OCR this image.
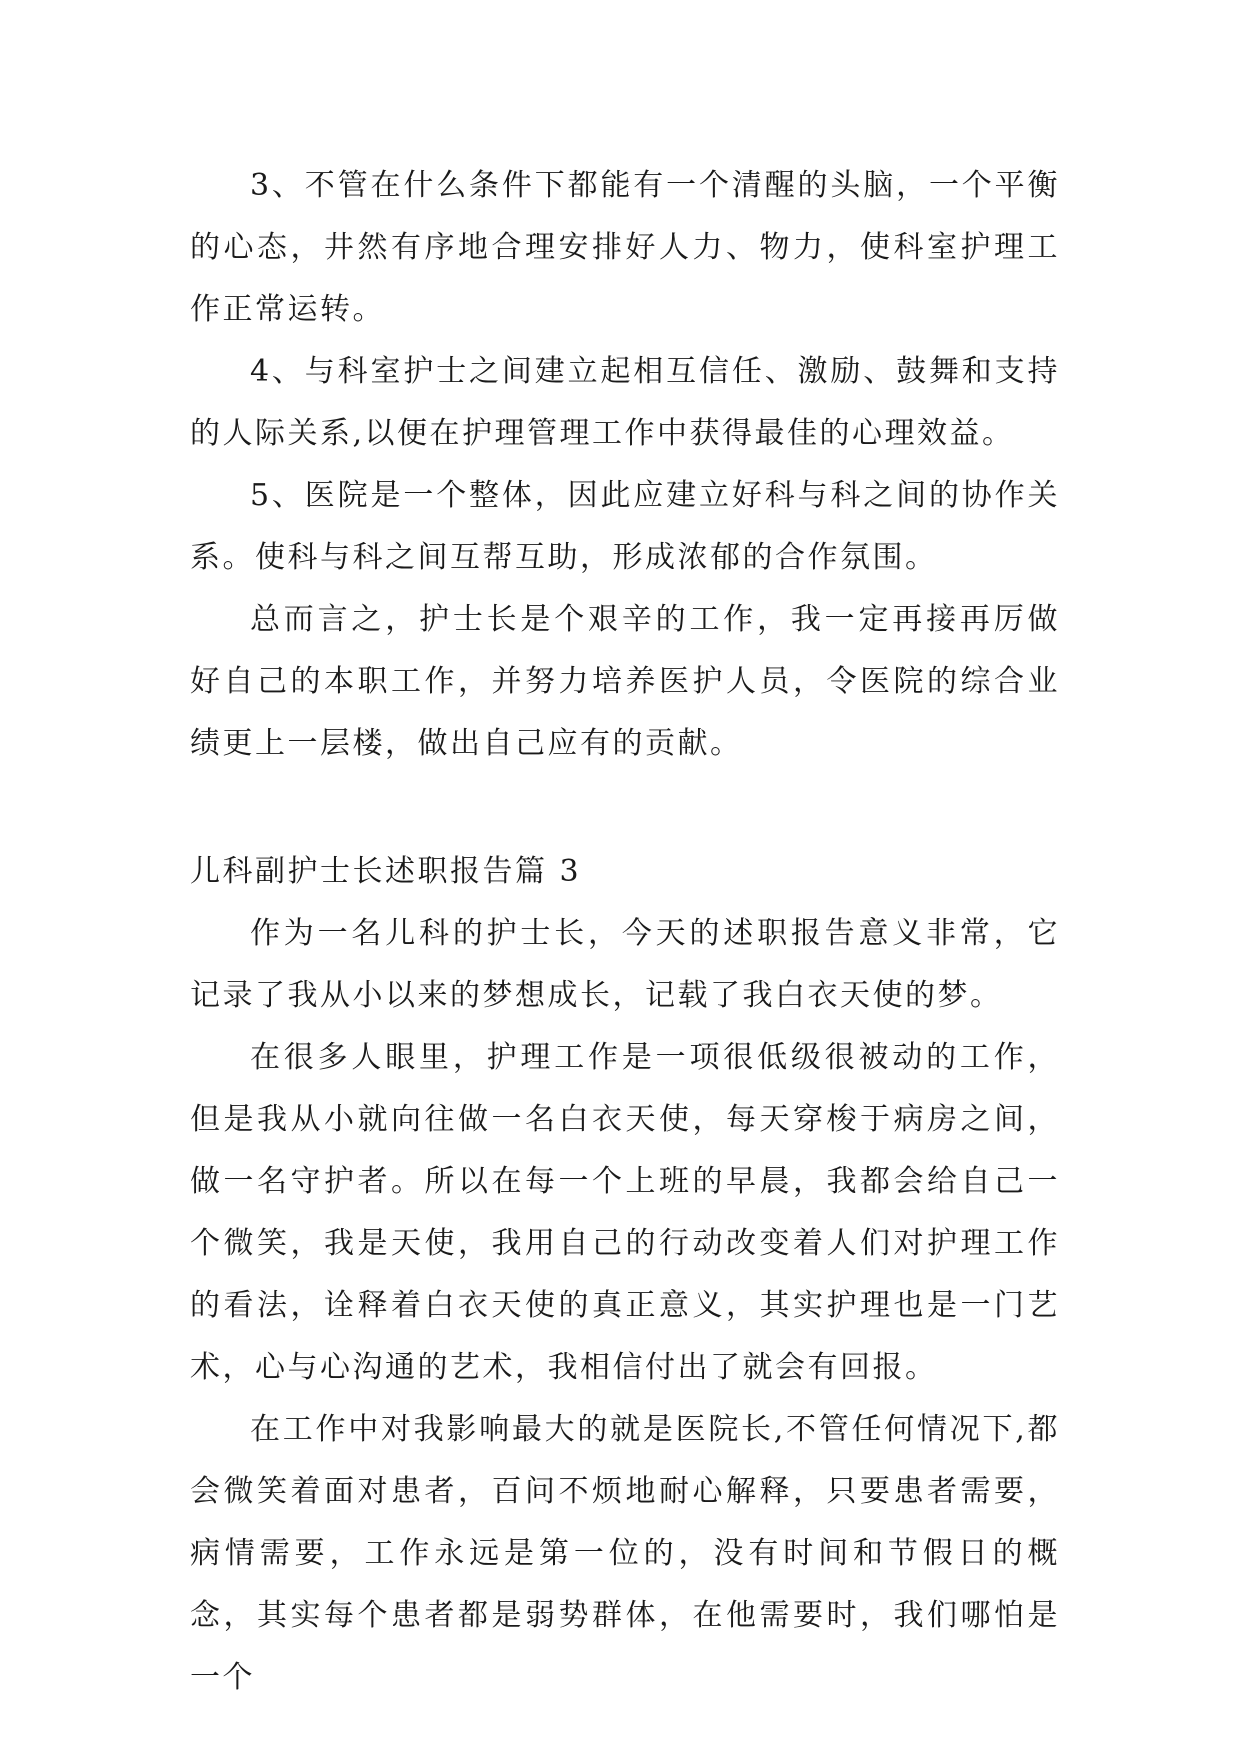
3、不管在什么条件下都能有一个清醒的头脑，一个平衡的心态，井然有序地合理安排好人力、物力，使科室护理工作正常运转。

4、与科室护士之间建立起相互信任、激励、鼓舞和支持的人际关系,以便在护理管理工作中获得最佳的心理效益。

5、医院是一个整体，因此应建立好科与科之间的协作关系。使科与科之间互帮互助，形成浓郁的合作氛围。

总而言之，护士长是个艰辛的工作，我一定再接再厉做好自己的本职工作，并努力培养医护人员，令医院的综合业绩更上一层楼，做出自己应有的贡献。

儿科副护士长述职报告篇 3

作为一名儿科的护士长，今天的述职报告意义非常，它记录了我从小以来的梦想成长，记载了我白衣天使的梦。

在很多人眼里，护理工作是一项很低级很被动的工作，但是我从小就向往做一名白衣天使，每天穿梭于病房之间，做一名守护者。所以在每一个上班的早晨，我都会给自己一个微笑，我是天使，我用自己的行动改变着人们对护理工作的看法，诠释着白衣天使的真正意义，其实护理也是一门艺术，心与心沟通的艺术，我相信付出了就会有回报。

在工作中对我影响最大的就是医院长,不管任何情况下,都会微笑着面对患者，百问不烦地耐心解释，只要患者需要，病情需要，工作永远是第一位的，没有时间和节假日的概念，其实每个患者都是弱势群体，在他需要时，我们哪怕是一个
